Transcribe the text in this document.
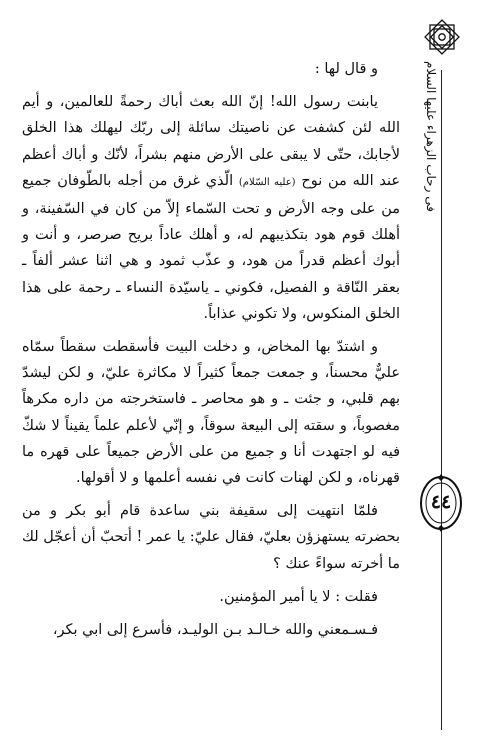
فى رحاب الزهراء عليها السلام
٤٤

و قال لها :

يابنت رسول الله! إنّ الله بعث أباك رحمةً للعالمين، و أيم الله لئن كشفت عن ناصيتك سائلة إلى ربّك ليهلك هذا الخلق لأجابك، حتّى لا يبقى على الأرض منهم بشراً، لأنّك و أباك أعظم عند الله من نوح (عليه السّلام) الّذي غرق من أجله بالطّوفان جميع من على وجه الأرض و تحت السّماء إلاّ من كان في السّفينة، و أهلك قوم هود بتكذيبهم له، و أهلك عاداً بريح صرصر، و أنت و أبوك أعظم قدراً من هود، و عذّب ثمود و هي اثنا عشر ألفاً ـ بعقر النّاقة و الفصيل، فكوني ـ ياسيّدة النساء ـ رحمة على هذا الخلق المنكوس، ولا تكوني عذاباً.

و اشتدّ بها المخاض، و دخلت البيت فأسقطت سقطاً سمّاه عليٌّ محسناً، و جمعت جمعاً كثيراً لا مكاثرة عليّ، و لكن ليشدّ بهم قلبي، و جئت ـ و هو محاصر ـ فاستخرجته من داره مكرهاً مغصوباً، و سقته إلى البيعة سوقاً، و إنّي لأعلم علماً يقيناً لا شكّ فيه لو اجتهدت أنا و جميع من على الأرض جميعاً على قهره ما قهرناه، و لكن لهنات كانت في نفسه أعلمها و لا أقولها.

فلمّا انتهيت إلى سقيفة بني ساعدة قام أبو بكر و من بحضرته يستهزؤن بعليّ، فقال عليّ: يا عمر ! أتحبّ أن أعجّل لك ما أخرته سواءً عنك ؟

فقلت : لا يا أمير المؤمنين.

فـسـمعني والله خـالـد بـن الوليـد، فأسرع إلى ابي بكر،
